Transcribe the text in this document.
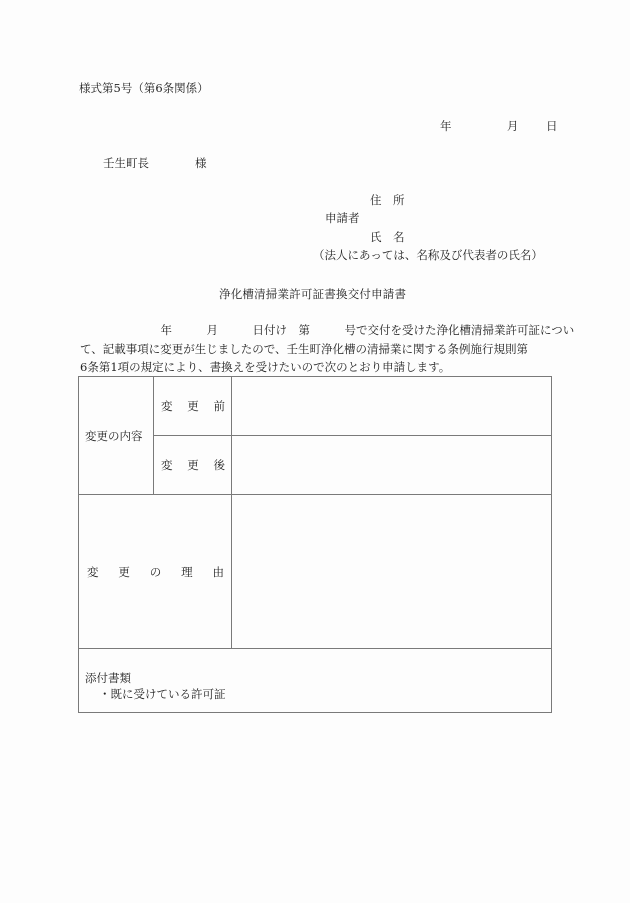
様式第5号（第6条関係）
年	月 日
壬生町長	様
住　所
申請者
氏　名
（法人にあっては、名称及び代表者の氏名）
浄化槽清掃業許可証書換交付申請書
　　　　　　　年　　　月　　　日付け　第　　　号で交付を受けた浄化槽清掃業許可証につい
て、記載事項に変更が生じましたので、壬生町浄化槽の清掃業に関する条例施行規則第
6条第1項の規定により、書換えを受けたいので次のとおり申請します。
変更の内容	変 更 前	

	変 更 後	

変 更 の 理 由		

添付書類
・既に受けている許可証		
